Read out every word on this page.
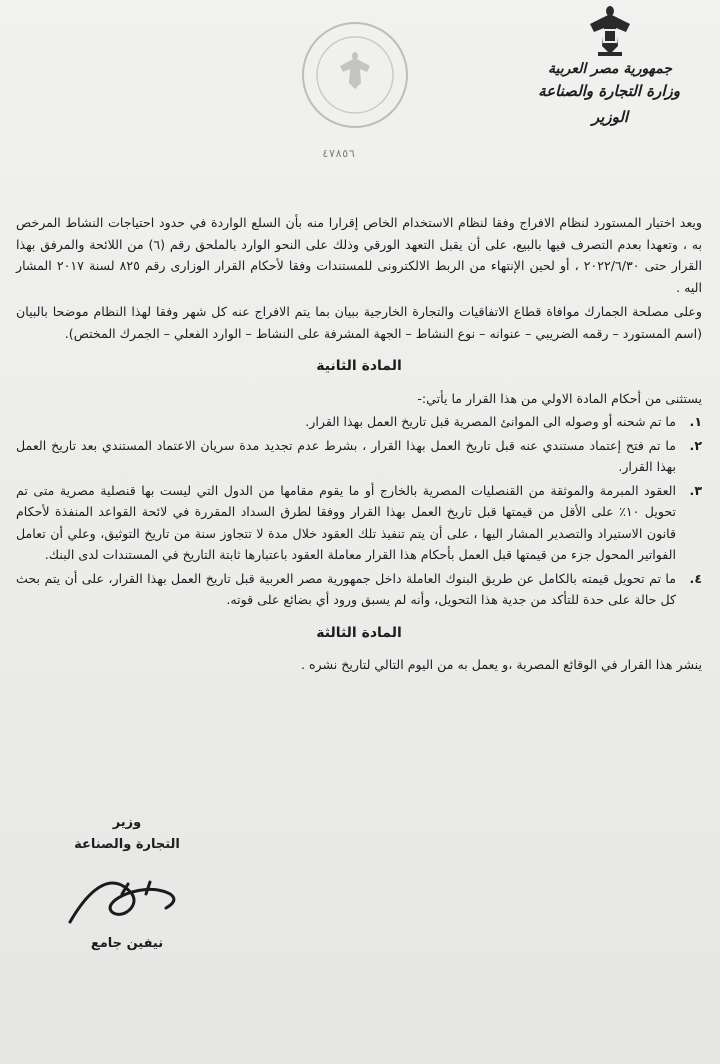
جمهورية مصر العربية
وزارة التجارة والصناعة
الوزير
٤٧٨٥٦

ويعد اختيار المستورد لنظام الافراج وفقا لنظام الاستخدام الخاص إقرارا منه بأن السلع الواردة في حدود احتياجات النشاط المرخص به ، وتعهدا بعدم التصرف فيها بالبيع، على أن يقبل التعهد الورقي وذلك على النحو الوارد بالملحق رقم (٦) من اللائحة والمرفق بهذا القرار حتى ٢٠٢٢/٦/٣٠ ، أو لحين الإنتهاء من الربط الالكترونى للمستندات وفقا لأحكام القرار الوزارى رقم ٨٢٥ لسنة ٢٠١٧ المشار اليه .

وعلى مصلحة الجمارك موافاة قطاع الاتفاقيات والتجارة الخارجية ببيان بما يتم الافراج عنه كل شهر وفقا لهذا النظام موضحا بالبيان (اسم المستورد – رقمه الضريبي – عنوانه – نوع النشاط – الجهة المشرفة على النشاط – الوارد الفعلي – الجمرك المختص).

المادة الثانية

يستثنى من أحكام المادة الاولي من هذا القرار ما يأتي:-

١.
ما تم شحنه أو وصوله الى الموانئ المصرية قبل تاريخ العمل بهذا القرار.
٢.
ما تم فتح إعتماد مستندي عنه قبل تاريخ العمل بهذا القرار ، بشرط عدم تجديد مدة سريان الاعتماد المستندي بعد تاريخ العمل بهذا القرار.
٣.
العقود المبرمة والموثقة من القنصليات المصرية بالخارج أو ما يقوم مقامها من الدول التي ليست بها قنصلية مصرية متى تم تحويل ١٠٪ على الأقل من قيمتها قبل تاريخ العمل بهذا القرار ووفقا لطرق السداد المقررة في لائحة القواعد المنفذة لأحكام قانون الاستيراد والتصدير المشار اليها ، على أن يتم تنفيذ تلك العقود خلال مدة لا تتجاوز سنة من تاريخ التوثيق، وعلي أن تعامل الفواتير المحول جزء من قيمتها قبل العمل بأحكام هذا القرار معاملة العقود باعتبارها ثابتة التاريخ في المستندات لدى البنك.
٤.
ما تم تحويل قيمته بالكامل عن طريق البنوك العاملة داخل جمهورية مصر العربية قبل تاريخ العمل بهذا القرار، على أن يتم بحث كل حالة على حدة للتأكد من جدية هذا التحويل، وأنه لم يسبق ورود أي بضائع على قوته.
المادة الثالثة

ينشر هذا القرار في الوقائع المصرية ،و يعمل به من اليوم التالي لتاريخ نشره .

وزير
التجارة والصناعة
نيفين جامع
